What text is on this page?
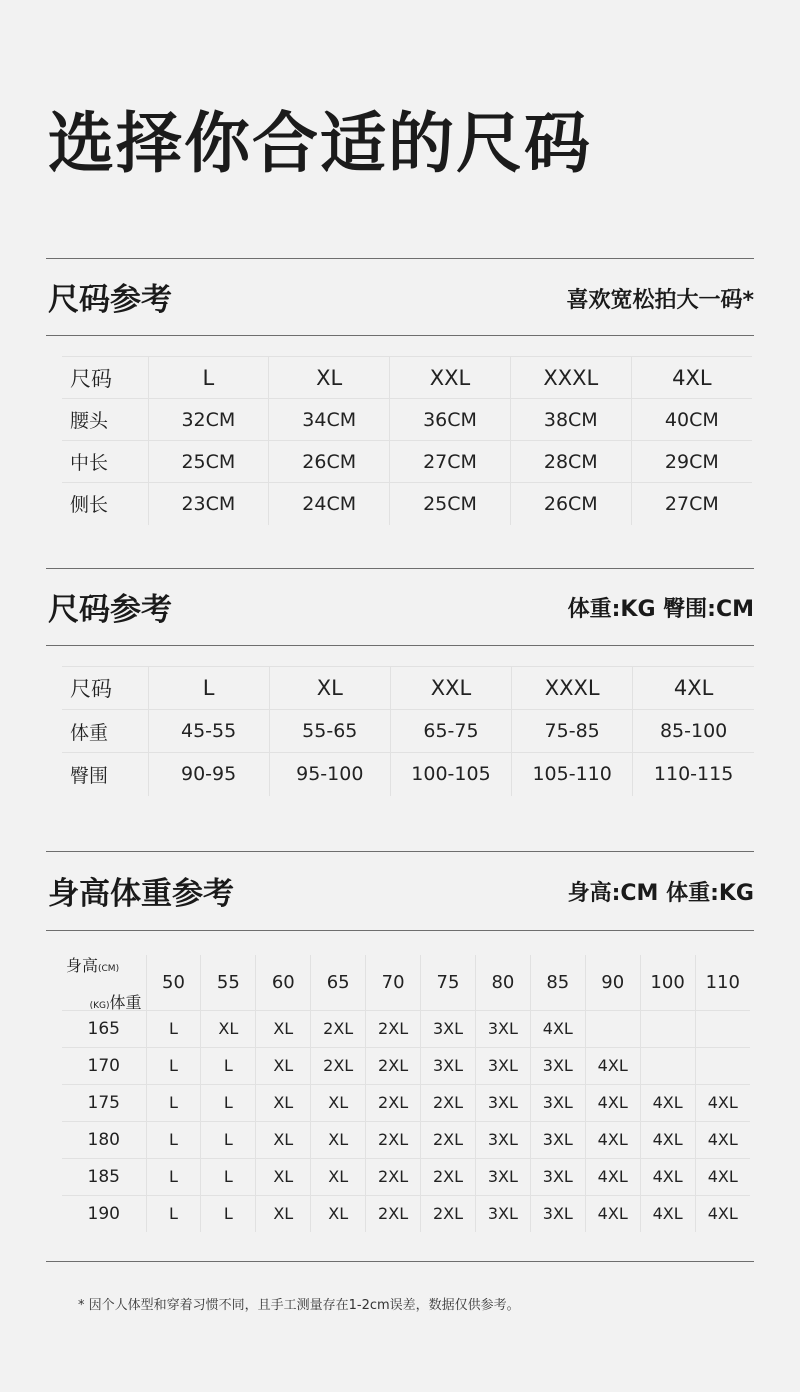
选择你合适的尺码
尺码参考	喜欢宽松拍大一码*
尺码	L	XL	XXL	XXXL	4XL
腰头	32CM	34CM	36CM	38CM	40CM
中长	25CM	26CM	27CM	28CM	29CM
侧长	23CM	24CM	25CM	26CM	27CM
尺码参考	体重:KG 臀围:CM
尺码	L	XL	XXL	XXXL	4XL
体重	45-55	55-65	65-75	75-85	85-100
臀围	90-95	95-100	100-105	105-110	110-115
身高体重参考	身高:CM 体重:KG
(KG)体重
身高(CM)	50	55	60	65	70	75	80	85	90	100	110
165	L	XL	XL	2XL	2XL	3XL	3XL	4XL			
170	L	L	XL	2XL	2XL	3XL	3XL	3XL	4XL		
175	L	L	XL	XL	2XL	2XL	3XL	3XL	4XL	4XL	4XL
180	L	L	XL	XL	2XL	2XL	3XL	3XL	4XL	4XL	4XL
185	L	L	XL	XL	2XL	2XL	3XL	3XL	4XL	4XL	4XL
190	L	L	XL	XL	2XL	2XL	3XL	3XL	4XL	4XL	4XL
* 因个人体型和穿着习惯不同，且手工测量存在1-2cm误差，数据仅供参考。
